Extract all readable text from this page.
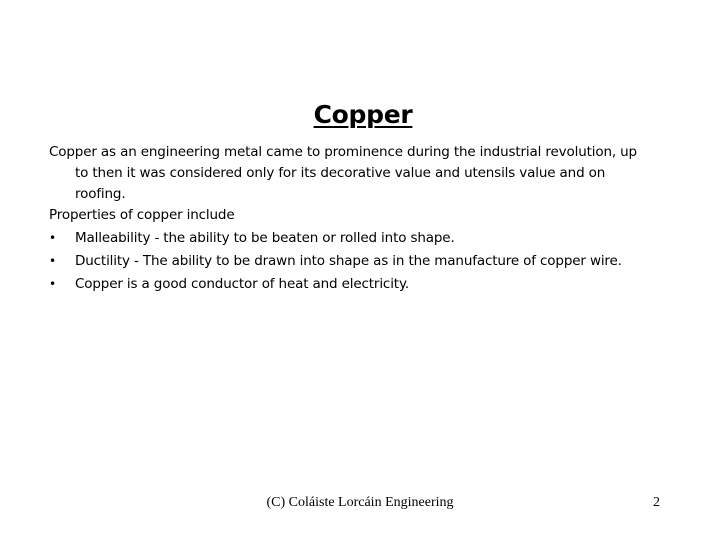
Copper

Copper as an engineering metal came to prominence during the industrial revolution, up to then it was considered only for its decorative value and utensils value and on roofing.

Properties of copper include

• Malleability - the ability to be beaten or rolled into shape.
• Ductility - The ability to be drawn into shape as in the manufacture of copper wire.
• Copper is a good conductor of heat and electricity.
(C) Coláiste Lorcáin Engineering	2
